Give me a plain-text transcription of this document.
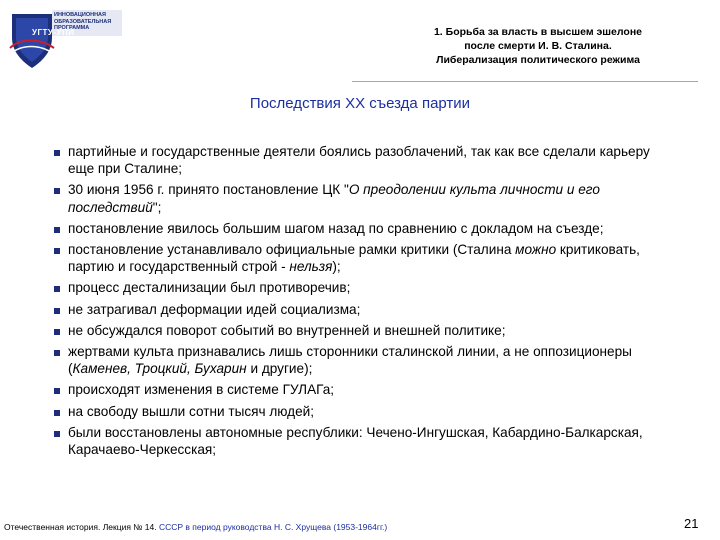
ИННОВАЦИОННАЯ
ОБРАЗОВАТЕЛЬНАЯ
ПРОГРАММА
УГТУ-УПИ	1. Борьба за власть в высшем эшелоне
после смерти И. В. Сталина.
Либерализация политического режима
Последствия ХХ съезда партии
партийные и государственные деятели боялись разоблачений, так как все сделали карьеру еще при Сталине;
30 июня 1956 г. принято постановление ЦК "О преодолении культа личности и его последствий";
постановление явилось большим шагом назад по сравнению с докладом на съезде;
постановление устанавливало официальные рамки критики (Сталина можно критиковать, партию и государственный строй - нельзя);
процесс десталинизации был противоречив;
не затрагивал деформации идей социализма;
не обсуждался поворот событий во внутренней и внешней политике;
жертвами культа признавались лишь сторонники сталинской линии, а не оппозиционеры (Каменев, Троцкий, Бухарин и другие);
происходят изменения в системе ГУЛАГа;
на свободу вышли сотни тысяч людей;
были восстановлены автономные республики: Чечено-Ингушская, Кабардино-Балкарская, Карачаево-Черкесская;
Отечественная история. Лекция № 14. СССР в период руководства Н. С. Хрущева (1953-1964гг.)	21
